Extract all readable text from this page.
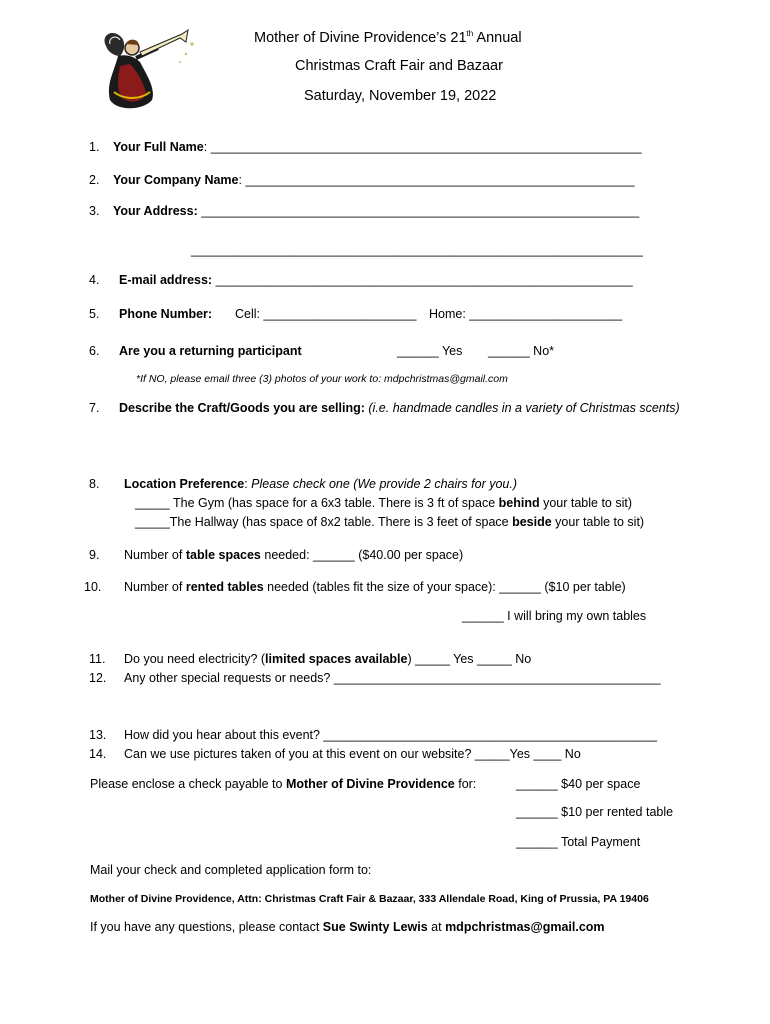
Mother of Divine Providence’s 21th Annual
Christmas Craft Fair and Bazaar
Saturday, November 19, 2022
1. Your Full Name: ______________________________________________________________
2. Your Company Name: ________________________________________________________
3. Your Address: _______________________________________________________________
_________________________________________________________________
4. E-mail address: ____________________________________________________________
5. Phone Number: Cell: ______________________ Home: ______________________
6. Are you a returning participant	______ Yes ______ No*
*If NO, please email three (3) photos of your work to: mdpchristmas@gmail.com
7. Describe the Craft/Goods you are selling: (i.e. handmade candles in a variety of Christmas scents)
8. Location Preference: Please check one (We provide 2 chairs for you.)
_____ The Gym (has space for a 6x3 table. There is 3 ft of space behind your table to sit)
_____The Hallway (has space of 8x2 table. There is 3 feet of space beside your table to sit)
9. Number of table spaces needed: ______ ($40.00 per space)
10. Number of rented tables needed (tables fit the size of your space): ______ ($10 per table)
______ I will bring my own tables
11. Do you need electricity? (limited spaces available) _____ Yes _____ No
12. Any other special requests or needs? _______________________________________________
13. How did you hear about this event? ________________________________________________
14. Can we use pictures taken of you at this event on our website? _____Yes ____ No
Please enclose a check payable to Mother of Divine Providence for:	______ $40 per space
______ $10 per rented table
______ Total Payment
Mail your check and completed application form to:
Mother of Divine Providence, Attn: Christmas Craft Fair & Bazaar, 333 Allendale Road, King of Prussia, PA 19406
If you have any questions, please contact Sue Swinty Lewis at mdpchristmas@gmail.com
